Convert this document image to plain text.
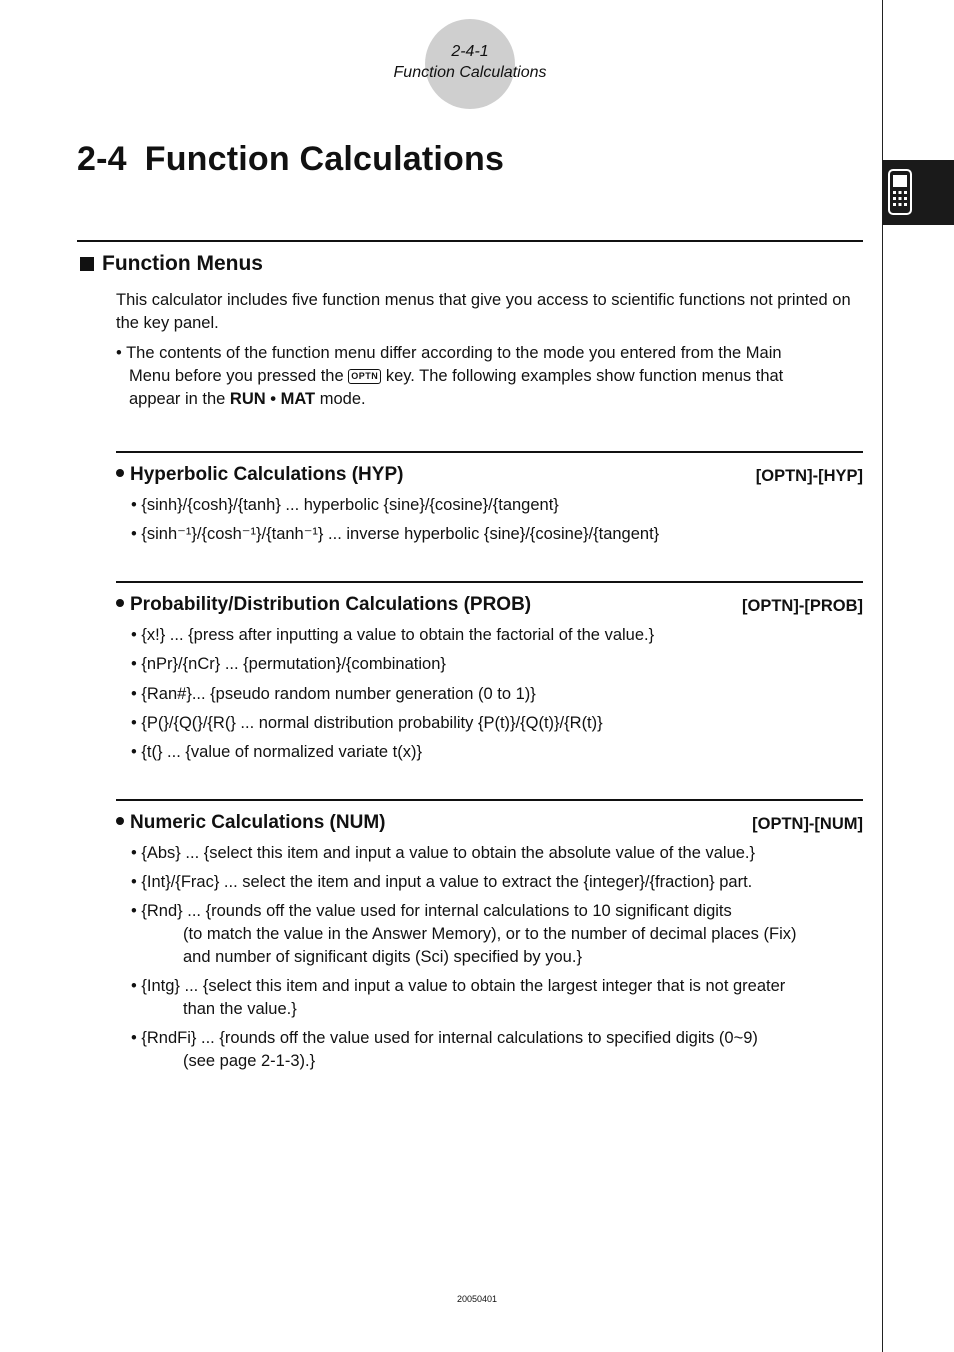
2-4-1
Function Calculations
2-4 Function Calculations
Function Menus
This calculator includes five function menus that give you access to scientific functions not printed on the key panel.
• The contents of the function menu differ according to the mode you entered from the Main
Menu before you pressed the OPTN key. The following examples show function menus that
appear in the RUN • MAT mode.
Hyperbolic Calculations (HYP)	[OPTN]-[HYP]
• {sinh}/{cosh}/{tanh} ... hyperbolic {sine}/{cosine}/{tangent}
• {sinh⁻¹}/{cosh⁻¹}/{tanh⁻¹} ... inverse hyperbolic {sine}/{cosine}/{tangent}
Probability/Distribution Calculations (PROB)	[OPTN]-[PROB]
• {x!} ... {press after inputting a value to obtain the factorial of the value.}
• {nPr}/{nCr} ... {permutation}/{combination}
• {Ran#}... {pseudo random number generation (0 to 1)}
• {P(}/{Q(}/{R(} ... normal distribution probability {P(t)}/{Q(t)}/{R(t)}
• {t(} ... {value of normalized variate t(x)}
Numeric Calculations (NUM)	[OPTN]-[NUM]
• {Abs} ... {select this item and input a value to obtain the absolute value of the value.}
• {Int}/{Frac} ... select the item and input a value to extract the {integer}/{fraction} part.
• {Rnd} ... {rounds off the value used for internal calculations to 10 significant digits
(to match the value in the Answer Memory), or to the number of decimal places (Fix)
and number of significant digits (Sci) specified by you.}
• {Intg} ... {select this item and input a value to obtain the largest integer that is not greater
than the value.}
• {RndFi} ... {rounds off the value used for internal calculations to specified digits (0~9)
(see page 2-1-3).}
20050401
